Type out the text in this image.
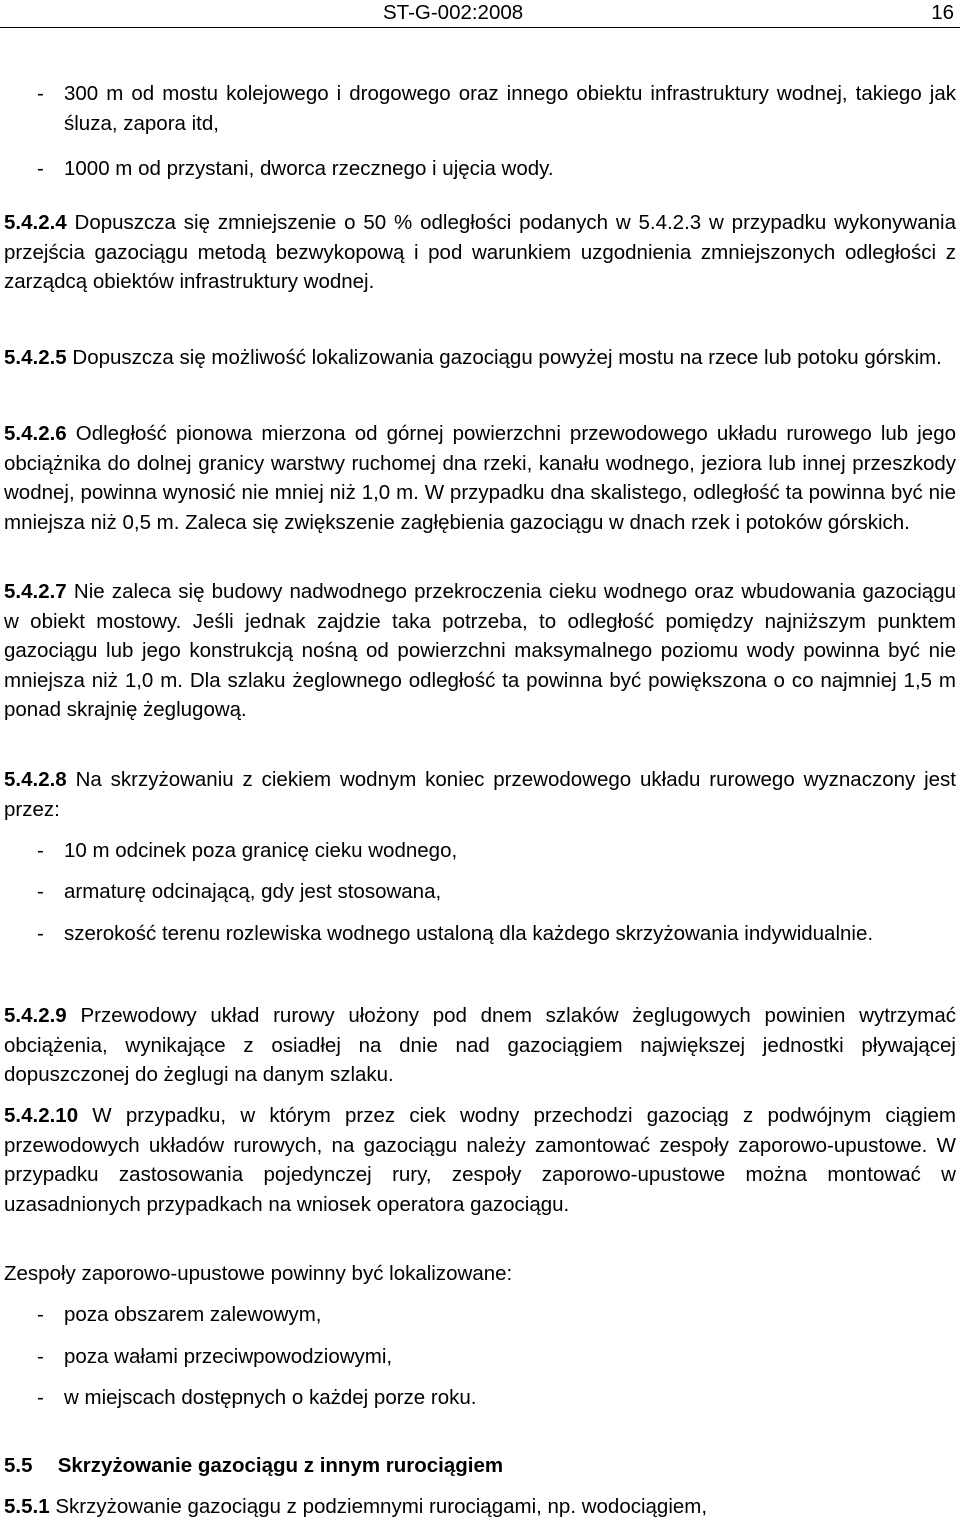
ST-G-002:2008	16
- 300 m od mostu kolejowego i drogowego oraz innego obiektu infrastruktury wodnej, takiego jak śluza, zapora itd,
- 1000 m od przystani, dworca rzecznego i ujęcia wody.
5.4.2.4 Dopuszcza się zmniejszenie o 50 % odległości podanych w 5.4.2.3 w przypadku wykonywania przejścia gazociągu metodą bezwykopową i pod warunkiem uzgodnienia zmniejszonych odległości z zarządcą obiektów infrastruktury wodnej.
5.4.2.5 Dopuszcza się możliwość lokalizowania gazociągu powyżej mostu na rzece lub potoku górskim.
5.4.2.6 Odległość pionowa mierzona od górnej powierzchni przewodowego układu rurowego lub jego obciążnika do dolnej granicy warstwy ruchomej dna rzeki, kanału wodnego, jeziora lub innej przeszkody wodnej, powinna wynosić nie mniej niż 1,0 m. W przypadku dna skalistego, odległość ta powinna być nie mniejsza niż 0,5 m. Zaleca się zwiększenie zagłębienia gazociągu w dnach rzek i potoków górskich.
5.4.2.7 Nie zaleca się budowy nadwodnego przekroczenia cieku wodnego oraz wbudowania gazociągu w obiekt mostowy. Jeśli jednak zajdzie taka potrzeba, to odległość pomiędzy najniższym punktem gazociągu lub jego konstrukcją nośną od powierzchni maksymalnego poziomu wody powinna być nie mniejsza niż 1,0 m. Dla szlaku żeglownego odległość ta powinna być powiększona o co najmniej 1,5 m ponad skrajnię żeglugową.
5.4.2.8 Na skrzyżowaniu z ciekiem wodnym koniec przewodowego układu rurowego wyznaczony jest przez:
- 10 m odcinek poza granicę cieku wodnego,
- armaturę odcinającą, gdy jest stosowana,
- szerokość terenu rozlewiska wodnego ustaloną dla każdego skrzyżowania indywidualnie.
5.4.2.9 Przewodowy układ rurowy ułożony pod dnem szlaków żeglugowych powinien wytrzymać obciążenia, wynikające z osiadłej na dnie nad gazociągiem największej jednostki pływającej dopuszczonej do żeglugi na danym szlaku.
5.4.2.10 W przypadku, w którym przez ciek wodny przechodzi gazociąg z podwójnym ciągiem przewodowych układów rurowych, na gazociągu należy zamontować zespoły zaporowo-upustowe. W przypadku zastosowania pojedynczej rury, zespoły zaporowo-upustowe można montować w uzasadnionych przypadkach na wniosek operatora gazociągu.
Zespoły zaporowo-upustowe powinny być lokalizowane:
- poza obszarem zalewowym,
- poza wałami przeciwpowodziowymi,
- w miejscach dostępnych o każdej porze roku.
5.5 Skrzyżowanie gazociągu z innym rurociągiem
5.5.1 Skrzyżowanie gazociągu z podziemnymi rurociągami, np. wodociągiem,
